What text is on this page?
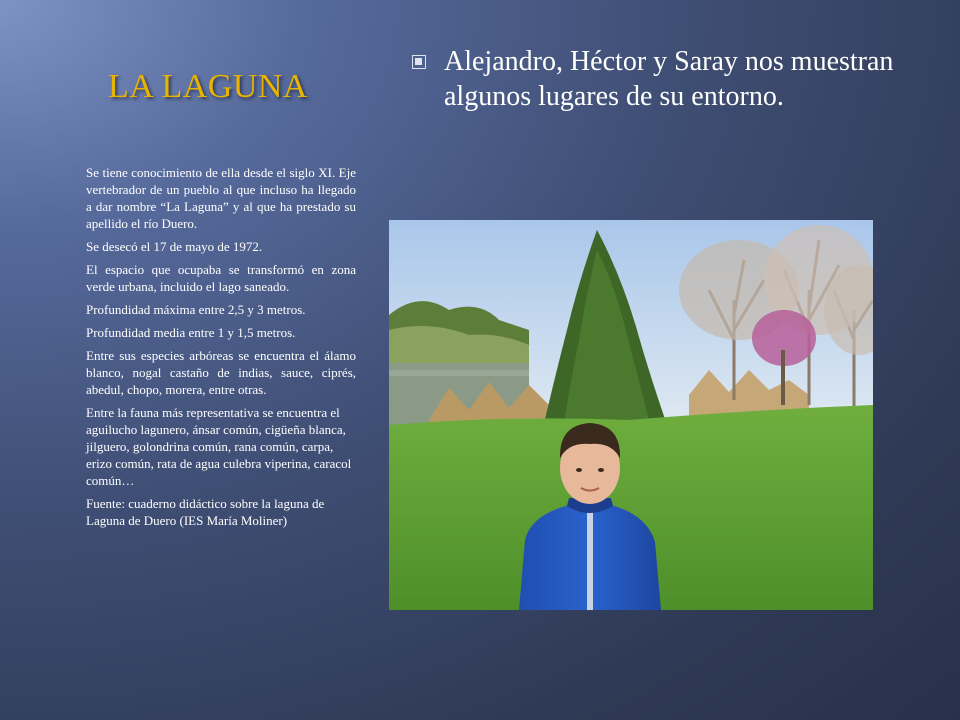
LA LAGUNA

Se tiene conocimiento de ella desde el siglo XI. Eje vertebrador de un pueblo al que incluso ha llegado a dar nombre “La Laguna” y al que ha prestado su apellido el río Duero.

Se desecó el 17 de mayo de 1972.

El espacio que ocupaba se transformó en zona verde urbana, incluido el lago saneado.

Profundidad máxima entre 2,5 y 3 metros.

Profundidad media entre 1 y 1,5 metros.

Entre sus especies arbóreas se encuentra el álamo blanco, nogal castaño de indias, sauce, ciprés, abedul, chopo, morera, entre otras.

Entre la fauna más representativa se encuentra el aguilucho lagunero, ánsar común, cigüeña blanca, jilguero, golondrina común, rana común, carpa, erizo común, rata de agua culebra viperina, caracol común…

Fuente: cuaderno didáctico sobre la laguna de Laguna de Duero (IES María Moliner)

Alejandro, Héctor y Saray nos muestran algunos lugares de su entorno.
